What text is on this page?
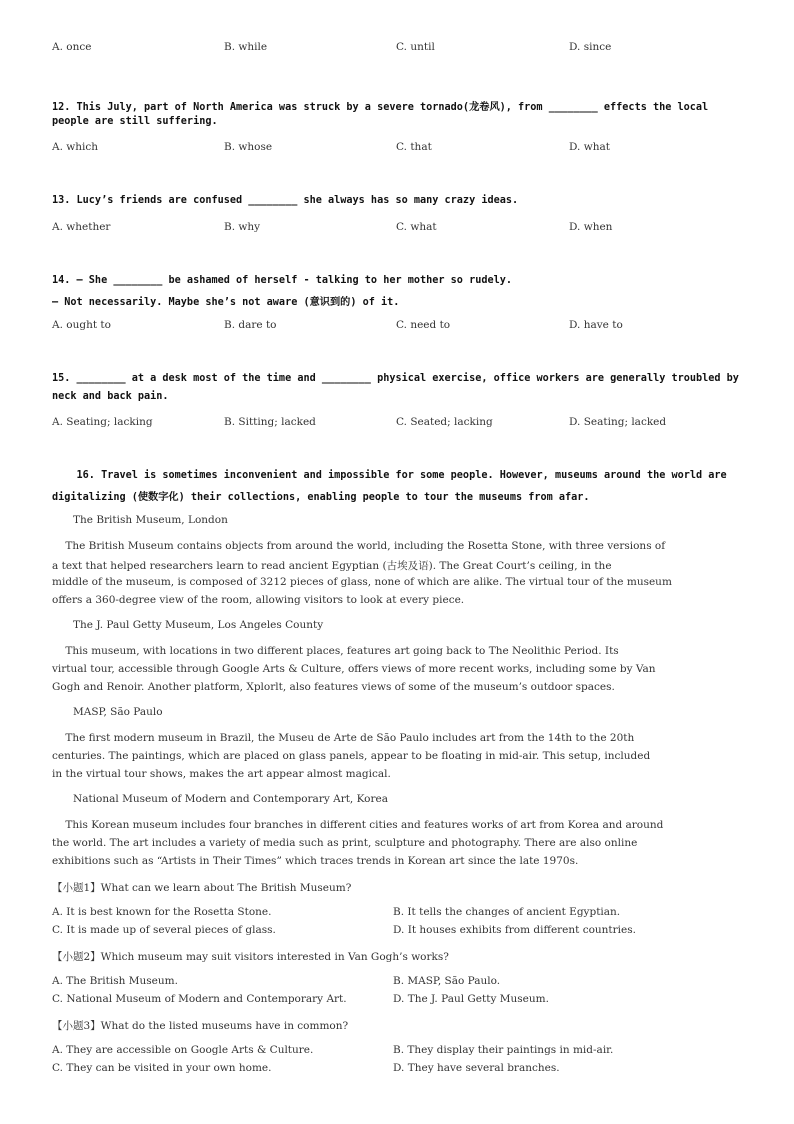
A. once	B. while	C. until	D. since
12. This July, part of North America was struck by a severe tornado(龙卷风), from ________ effects the local
people are still suffering.
A. which	B. whose	C. that	D. what
13. Lucy’s friends are confused ________ she always has so many crazy ideas.
A. whether	B. why	C. what	D. when
14. — She ________ be ashamed of herself - talking to her mother so rudely.
— Not necessarily. Maybe she’s not aware (意识到的) of it.
A. ought to	B. dare to	C. need to	D. have to
15. ________ at a desk most of the time and ________ physical exercise, office workers are generally troubled by
neck and back pain.
A. Seating; lacking	B. Sitting; lacked	C. Seated; lacking	D. Seating; lacked
16. Travel is sometimes inconvenient and impossible for some people. However, museums around the world are
digitalizing (使数字化) their collections, enabling people to tour the museums from afar.
The British Museum, London
The British Museum contains objects from around the world, including the Rosetta Stone, with three versions of
a text that helped researchers learn to read ancient Egyptian (古埃及语). The Great Court’s ceiling, in the
middle of the museum, is composed of 3212 pieces of glass, none of which are alike. The virtual tour of the museum
offers a 360-degree view of the room, allowing visitors to look at every piece.
The J. Paul Getty Museum, Los Angeles County
This museum, with locations in two different places, features art going back to The Neolithic Period. Its
virtual tour, accessible through Google Arts & Culture, offers views of more recent works, including some by Van
Gogh and Renoir. Another platform, Xplorlt, also features views of some of the museum’s outdoor spaces.
MASP, São Paulo
The first modern museum in Brazil, the Museu de Arte de São Paulo includes art from the 14th to the 20th
centuries. The paintings, which are placed on glass panels, appear to be floating in mid-air. This setup, included
in the virtual tour shows, makes the art appear almost magical.
National Museum of Modern and Contemporary Art, Korea
This Korean museum includes four branches in different cities and features works of art from Korea and around
the world. The art includes a variety of media such as print, sculpture and photography. There are also online
exhibitions such as “Artists in Their Times” which traces trends in Korean art since the late 1970s.
【小题1】What can we learn about The British Museum?
A. It is best known for the Rosetta Stone.	B. It tells the changes of ancient Egyptian.
C. It is made up of several pieces of glass.	D. It houses exhibits from different countries.
【小题2】Which museum may suit visitors interested in Van Gogh’s works?
A. The British Museum.	B. MASP, São Paulo.
C. National Museum of Modern and Contemporary Art.	D. The J. Paul Getty Museum.
【小题3】What do the listed museums have in common?
A. They are accessible on Google Arts & Culture.	B. They display their paintings in mid-air.
C. They can be visited in your own home.	D. They have several branches.
